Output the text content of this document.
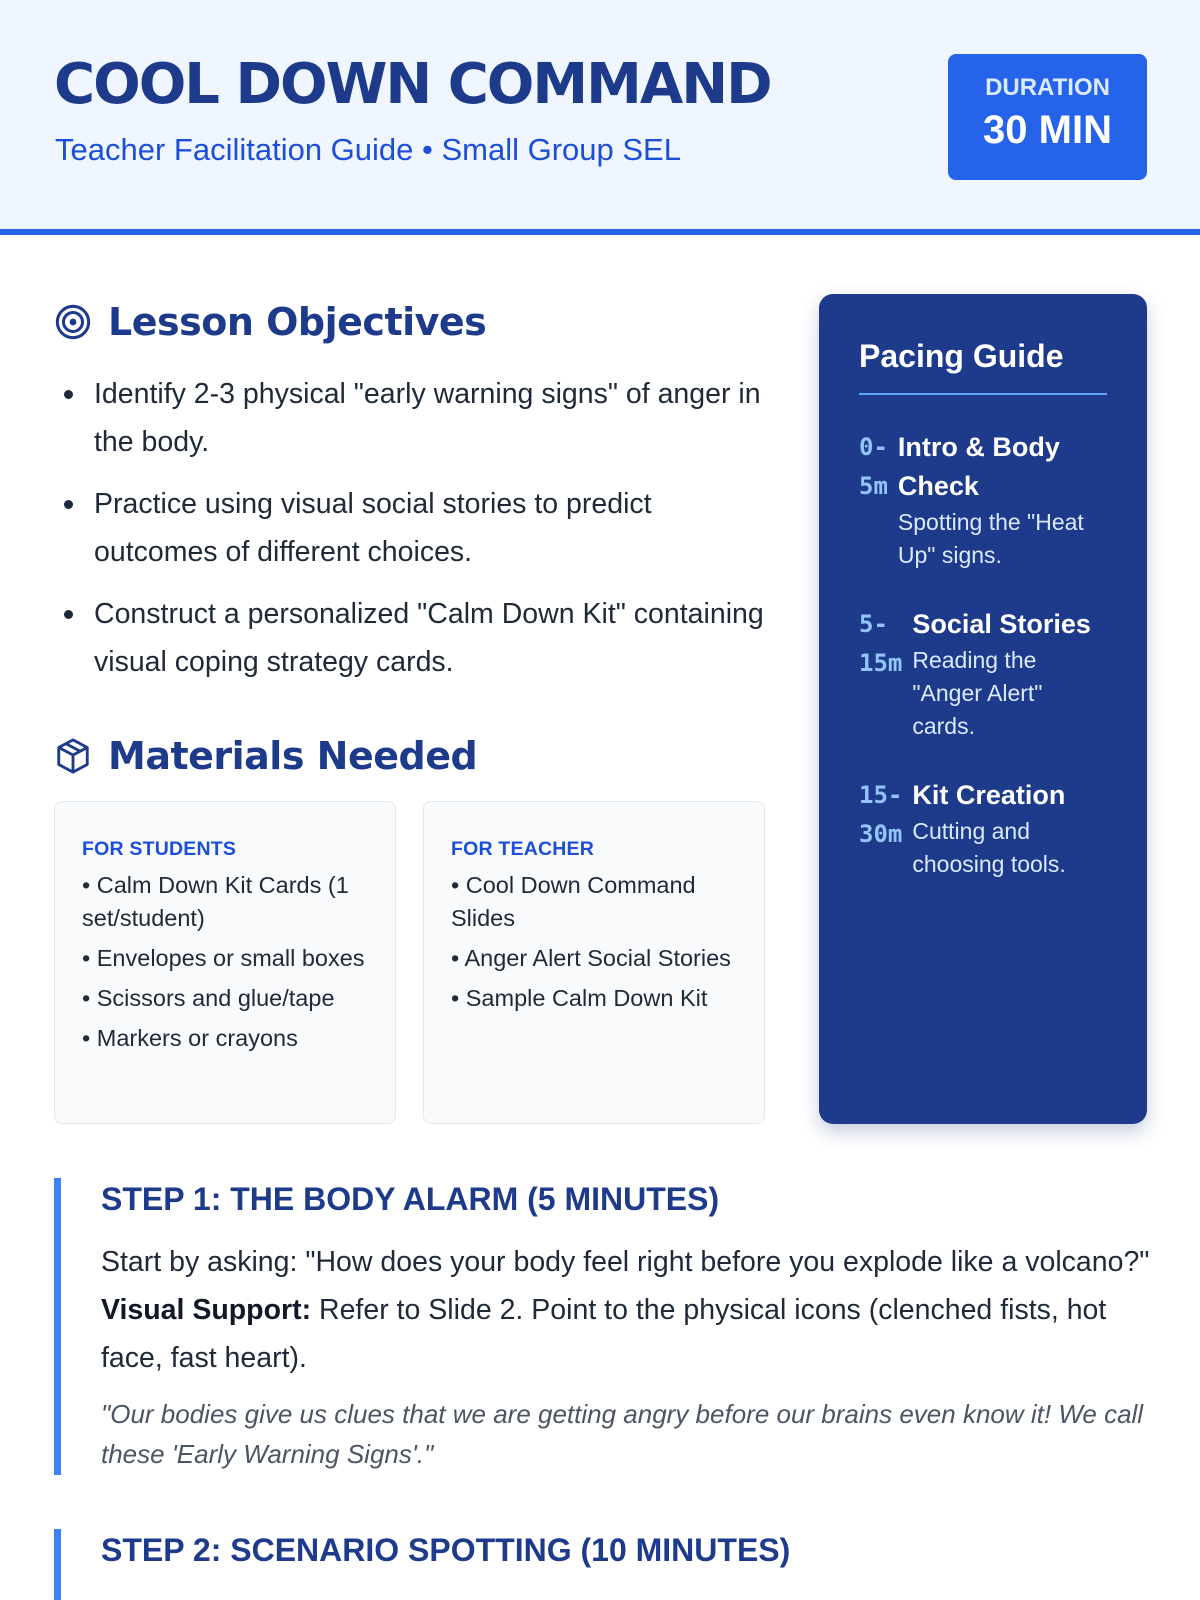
COOL DOWN COMMAND
Teacher Facilitation Guide • Small Group SEL
DURATION
30 MIN
Lesson Objectives
Identify 2-3 physical "early warning signs" of anger in the body.
Practice using visual social stories to predict outcomes of different choices.
Construct a personalized "Calm Down Kit" containing visual coping strategy cards.
Materials Needed
FOR STUDENTS
• Calm Down Kit Cards (1 set/student)
• Envelopes or small boxes
• Scissors and glue/tape
• Markers or crayons
FOR TEACHER
• Cool Down Command Slides
• Anger Alert Social Stories
• Sample Calm Down Kit
Pacing Guide
0-
5m
Intro & Body Check
Spotting the "Heat Up" signs.
5-
15m
Social Stories
Reading the "Anger Alert" cards.
15-
30m
Kit Creation
Cutting and choosing tools.
STEP 1: THE BODY ALARM (5 MINUTES)
Start by asking: "How does your body feel right before you explode like a volcano?" Visual Support: Refer to Slide 2. Point to the physical icons (clenched fists, hot face, fast heart).
"Our bodies give us clues that we are getting angry before our brains even know it! We call these 'Early Warning Signs'."
STEP 2: SCENARIO SPOTTING (10 MINUTES)
